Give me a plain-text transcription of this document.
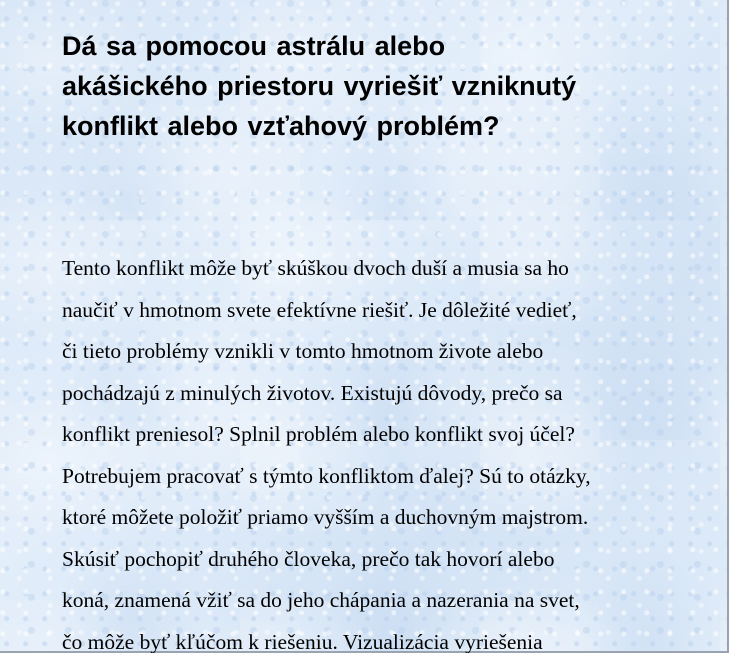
Dá sa pomocou astrálu alebo
akášického priestoru vyriešiť vzniknutý
konflikt alebo vzťahový problém?
Tento konflikt môže byť skúškou dvoch duší a musia sa ho
naučiť v hmotnom svete efektívne riešiť. Je dôležité vedieť,
či tieto problémy vznikli v tomto hmotnom živote alebo
pochádzajú z minulých životov. Existujú dôvody, prečo sa
konflikt preniesol? Splnil problém alebo konflikt svoj účel?
Potrebujem pracovať s týmto konfliktom ďalej? Sú to otázky,
ktoré môžete položiť priamo vyšším a duchovným majstrom.
Skúsiť pochopiť druhého človeka, prečo tak hovorí alebo
koná, znamená vžiť sa do jeho chápania a nazerania na svet,
čo môže byť kľúčom k riešeniu. Vizualizácia vyriešenia
